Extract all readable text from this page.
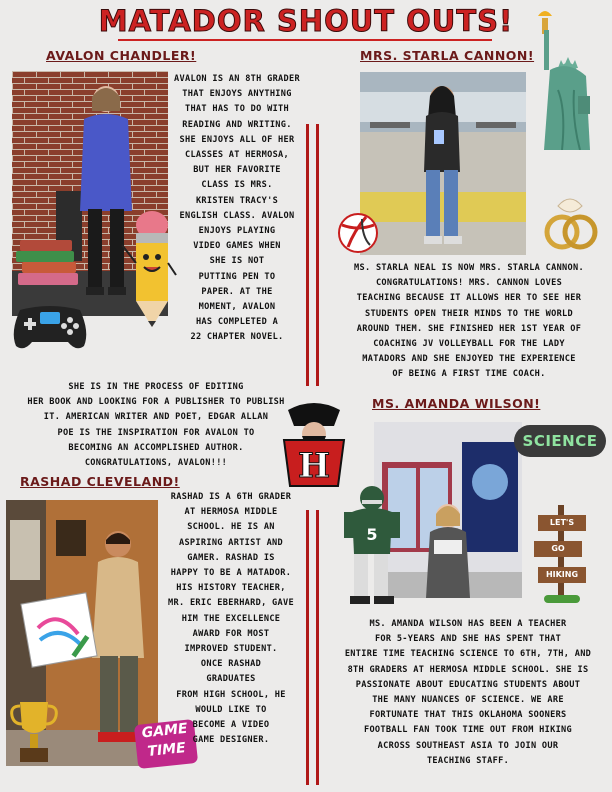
MATADOR SHOUT OUTS!
AVALON CHANDLER!
AVALON IS AN 8TH GRADER
THAT ENJOYS ANYTHING
THAT HAS TO DO WITH
READING AND WRITING.
SHE ENJOYS ALL OF HER
CLASSES AT HERMOSA,
BUT HER FAVORITE
CLASS IS MRS.
KRISTEN TRACY'S
ENGLISH CLASS. AVALON
ENJOYS PLAYING
VIDEO GAMES WHEN
SHE IS NOT
PUTTING PEN TO
PAPER. AT THE
MOMENT, AVALON
HAS COMPLETED A
22 CHAPTER NOVEL.
SHE IS IN THE PROCESS OF EDITING
HER BOOK AND LOOKING FOR A PUBLISHER TO PUBLISH
IT. AMERICAN WRITER AND POET, EDGAR ALLAN
POE IS THE INSPIRATION FOR AVALON TO
BECOMING AN ACCOMPLISHED AUTHOR.
CONGRATULATIONS, AVALON!!!	H
MRS. STARLA CANNON!
MS. STARLA NEAL IS NOW MRS. STARLA CANNON.
CONGRATULATIONS! MRS. CANNON LOVES
TEACHING BECAUSE IT ALLOWS HER TO SEE HER
STUDENTS OPEN THEIR MINDS TO THE WORLD
AROUND THEM. SHE FINISHED HER 1ST YEAR OF
COACHING JV VOLLEYBALL FOR THE LADY
MATADORS AND SHE ENJOYED THE EXPERIENCE
OF BEING A FIRST TIME COACH.
MS. AMANDA WILSON!
5
SCIENCE
LET'S
GO
HIKING
MS. AMANDA WILSON HAS BEEN A TEACHER
FOR 5-YEARS AND SHE HAS SPENT THAT
ENTIRE TIME TEACHING SCIENCE TO 6TH, 7TH, AND
8TH GRADERS AT HERMOSA MIDDLE SCHOOL. SHE IS
PASSIONATE ABOUT EDUCATING STUDENTS ABOUT
THE MANY NUANCES OF SCIENCE. WE ARE
FORTUNATE THAT THIS OKLAHOMA SOONERS
FOOTBALL FAN TOOK TIME OUT FROM HIKING
ACROSS SOUTHEAST ASIA TO JOIN OUR
TEACHING STAFF.
RASHAD CLEVELAND!
GAME
TIME
RASHAD IS A 6TH GRADER
AT HERMOSA MIDDLE
SCHOOL. HE IS AN
ASPIRING ARTIST AND
GAMER. RASHAD IS
HAPPY TO BE A MATADOR.
HIS HISTORY TEACHER,
MR. ERIC EBERHARD, GAVE
HIM THE EXCELLENCE
AWARD FOR MOST
IMPROVED STUDENT.
ONCE RASHAD
GRADUATES
FROM HIGH SCHOOL, HE
WOULD LIKE TO
BECOME A VIDEO
GAME DESIGNER.
